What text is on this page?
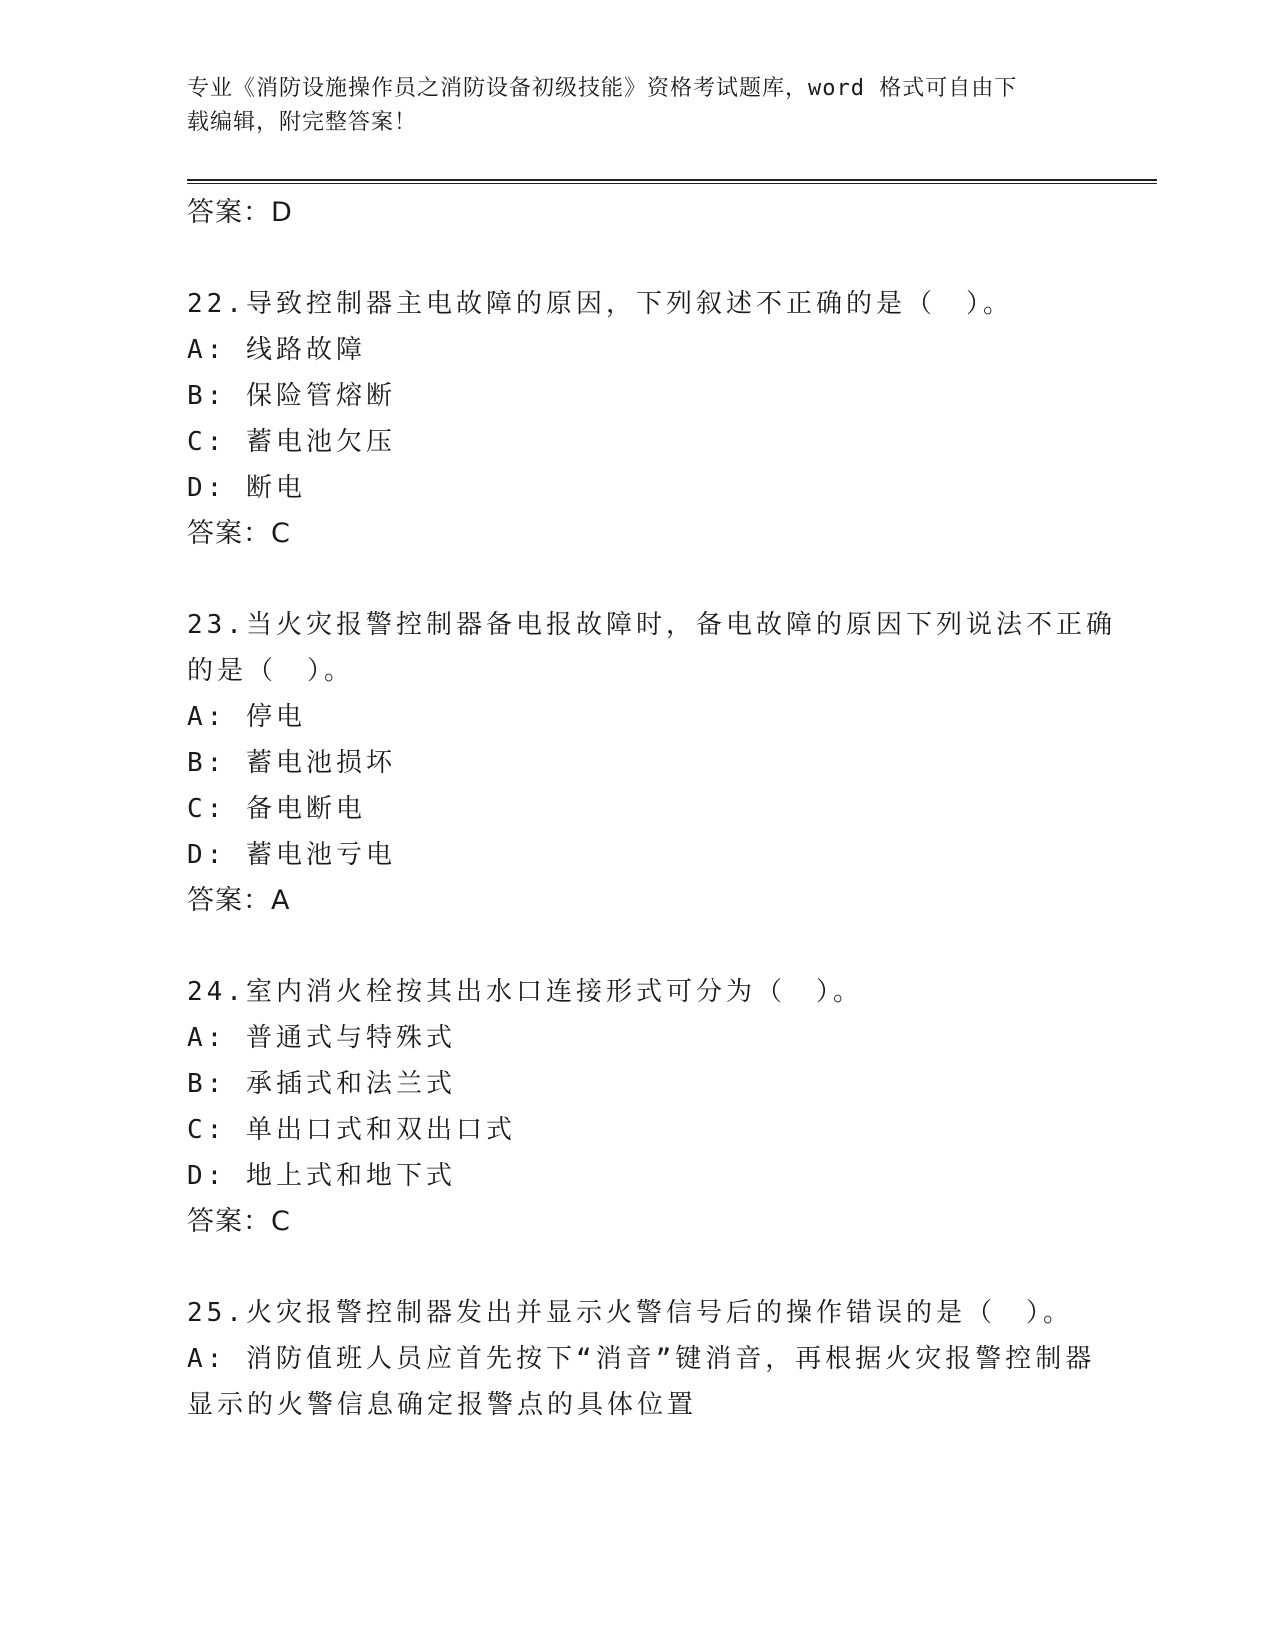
专业《消防设施操作员之消防设备初级技能》资格考试题库，word 格式可自由下
载编辑，附完整答案！
答案：D
22.导致控制器主电故障的原因，下列叙述不正确的是（　）。
A: 线路故障
B: 保险管熔断
C: 蓄电池欠压
D: 断电
答案：C
23.当火灾报警控制器备电报故障时，备电故障的原因下列说法不正确
的是（　）。
A: 停电
B: 蓄电池损坏
C: 备电断电
D: 蓄电池亏电
答案：A
24.室内消火栓按其出水口连接形式可分为（　）。
A: 普通式与特殊式
B: 承插式和法兰式
C: 单出口式和双出口式
D: 地上式和地下式
答案：C
25.火灾报警控制器发出并显示火警信号后的操作错误的是（　）。
A: 消防值班人员应首先按下“消音”键消音，再根据火灾报警控制器
显示的火警信息确定报警点的具体位置
